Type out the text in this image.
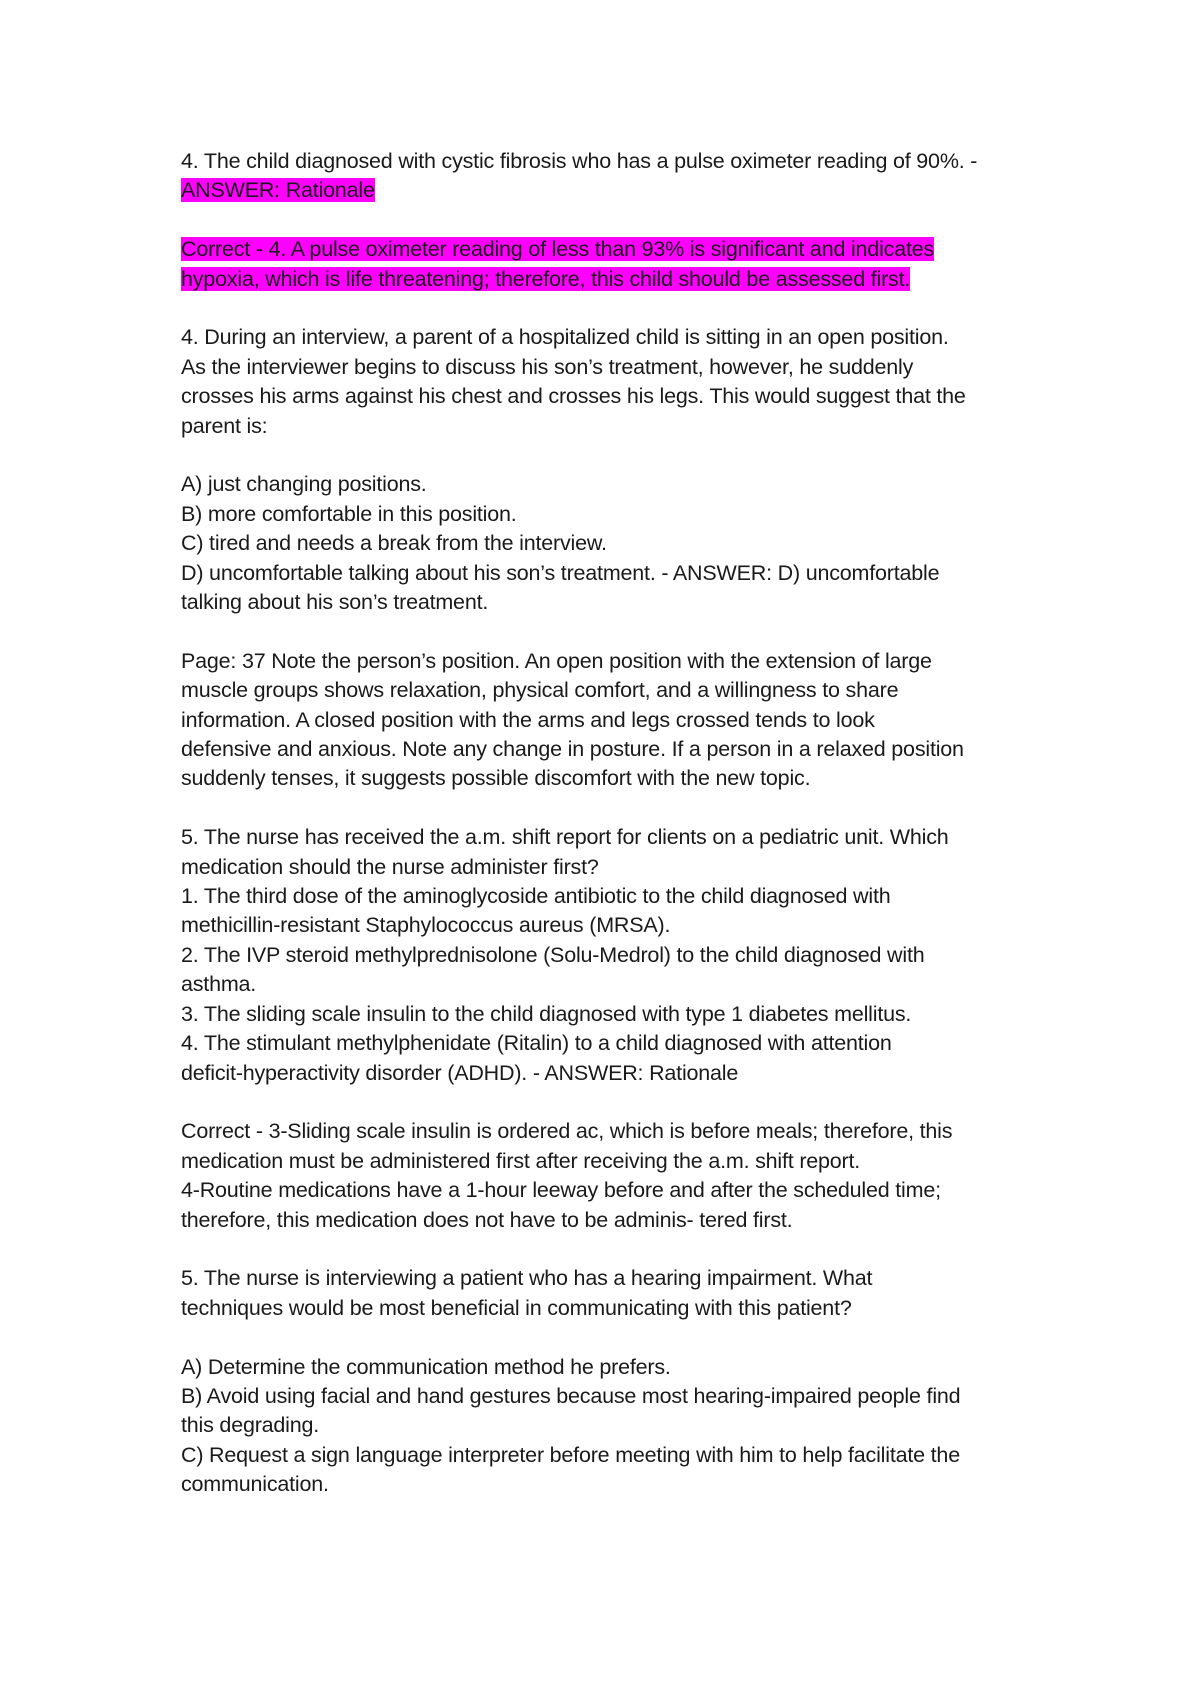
4. The child diagnosed with cystic fibrosis who has a pulse oximeter reading of 90%. -
ANSWER: Rationale

Correct - 4. A pulse oximeter reading of less than 93% is significant and indicates
hypoxia, which is life threatening; therefore, this child should be assessed first.

4. During an interview, a parent of a hospitalized child is sitting in an open position.
As the interviewer begins to discuss his son’s treatment, however, he suddenly
crosses his arms against his chest and crosses his legs. This would suggest that the
parent is:

A) just changing positions.
B) more comfortable in this position.
C) tired and needs a break from the interview.
D) uncomfortable talking about his son’s treatment. - ANSWER: D) uncomfortable
talking about his son’s treatment.

Page: 37 Note the person’s position. An open position with the extension of large
muscle groups shows relaxation, physical comfort, and a willingness to share
information. A closed position with the arms and legs crossed tends to look
defensive and anxious. Note any change in posture. If a person in a relaxed position
suddenly tenses, it suggests possible discomfort with the new topic.

5. The nurse has received the a.m. shift report for clients on a pediatric unit. Which
medication should the nurse administer first?
1. The third dose of the aminoglycoside antibiotic to the child diagnosed with
methicillin-resistant Staphylococcus aureus (MRSA).
2. The IVP steroid methylprednisolone (Solu-Medrol) to the child diagnosed with
asthma.
3. The sliding scale insulin to the child diagnosed with type 1 diabetes mellitus.
4. The stimulant methylphenidate (Ritalin) to a child diagnosed with attention
deficit-hyperactivity disorder (ADHD). - ANSWER: Rationale

Correct - 3-Sliding scale insulin is ordered ac, which is before meals; therefore, this
medication must be administered first after receiving the a.m. shift report.
4-Routine medications have a 1-hour leeway before and after the scheduled time;
therefore, this medication does not have to be adminis- tered first.

5. The nurse is interviewing a patient who has a hearing impairment. What
techniques would be most beneficial in communicating with this patient?

A) Determine the communication method he prefers.
B) Avoid using facial and hand gestures because most hearing-impaired people find
this degrading.
C) Request a sign language interpreter before meeting with him to help facilitate the
communication.
